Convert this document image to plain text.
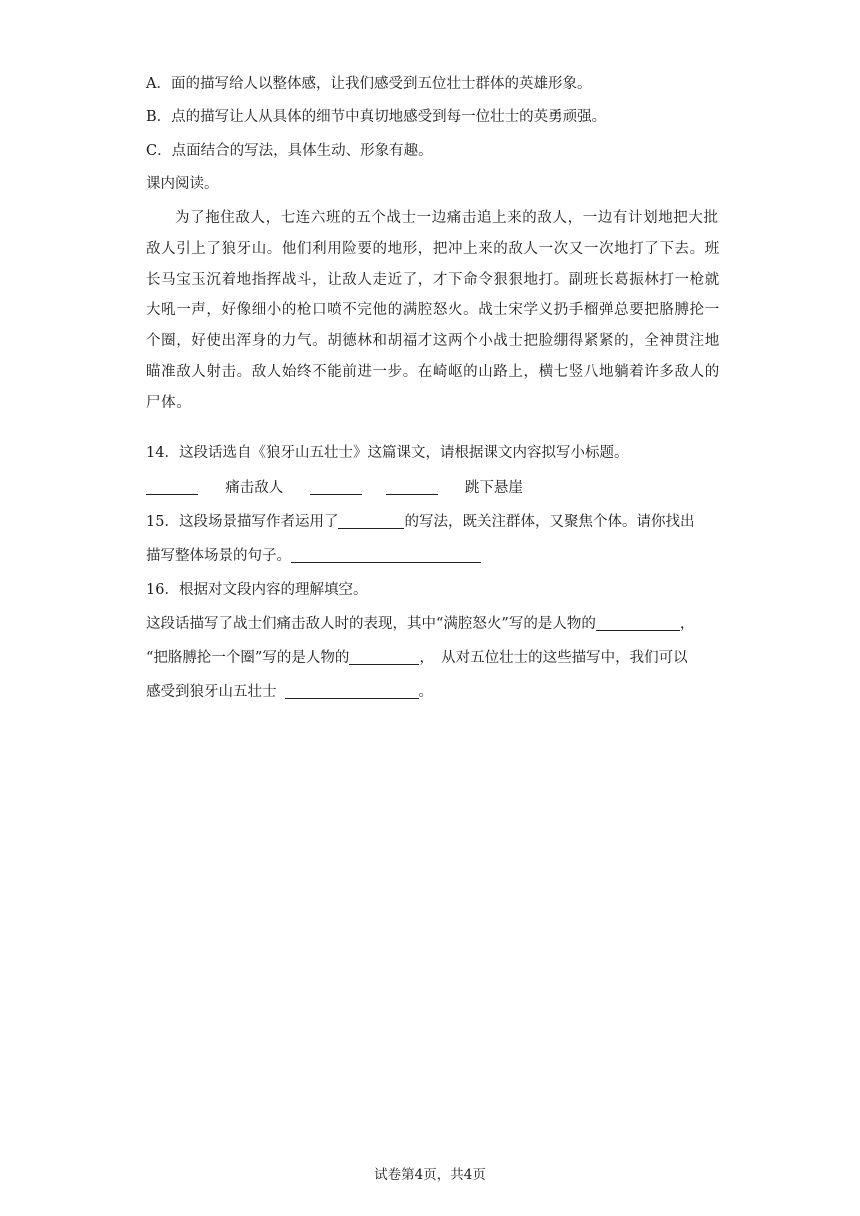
A．面的描写给人以整体感，让我们感受到五位壮士群体的英雄形象。
B．点的描写让人从具体的细节中真切地感受到每一位壮士的英勇顽强。
C．点面结合的写法，具体生动、形象有趣。
课内阅读。
为了拖住敌人，七连六班的五个战士一边痛击追上来的敌人，一边有计划地把大批
敌人引上了狼牙山。他们利用险要的地形，把冲上来的敌人一次又一次地打了下去。班
长马宝玉沉着地指挥战斗，让敌人走近了，才下命令狠狠地打。副班长葛振林打一枪就
大吼一声，好像细小的枪口喷不完他的满腔怒火。战士宋学义扔手榴弹总要把胳膊抡一
个圈，好使出浑身的力气。胡德林和胡福才这两个小战士把脸绷得紧紧的，全神贯注地
瞄准敌人射击。敌人始终不能前进一步。在崎岖的山路上，横七竖八地躺着许多敌人的
尸体。
14．这段话选自《狼牙山五壮士》这篇课文，请根据课文内容拟写小标题。
痛击敌人	跳下悬崖
15．这段场景描写作者运用了	的写法，既关注群体，又聚焦个体。请你找出
描写整体场景的句子。
16．根据对文段内容的理解填空。
这段话描写了战士们痛击敌人时的表现，其中“满腔怒火”写的是人物的	，
“把胳膊抡一个圈”写的是人物的	，　从对五位壮士的这些描写中，我们可以
感受到狼牙山五壮士	。
试卷第4页，共4页
